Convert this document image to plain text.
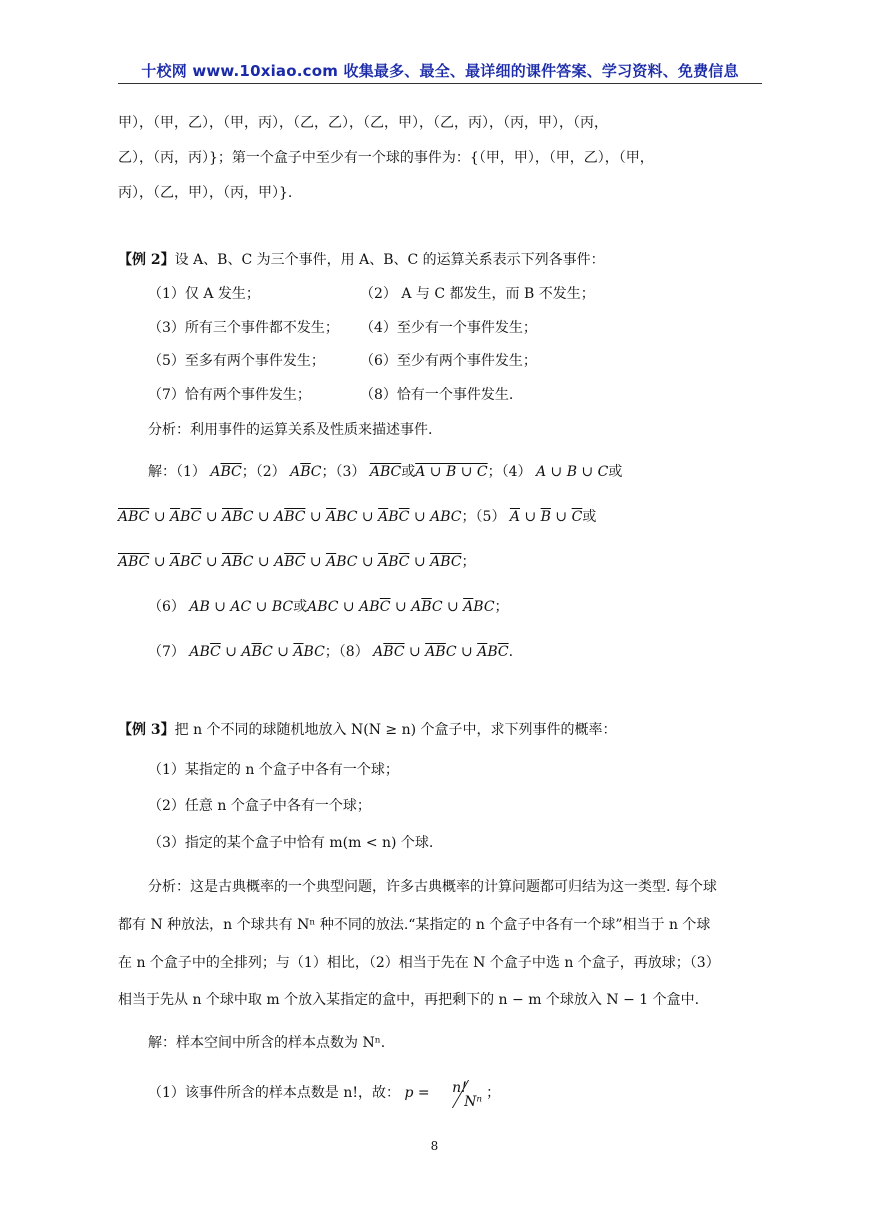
十校网 www.10xiao.com 收集最多、最全、最详细的课件答案、学习资料、免费信息
甲），（甲，乙），（甲，丙），（乙，乙），（乙，甲），（乙，丙），（丙，甲），（丙，
乙），（丙，丙）}；第一个盒子中至少有一个球的事件为：{（甲，甲），（甲，乙），（甲，
丙），（乙，甲），（丙，甲）}.
【例 2】设 A、B、C 为三个事件，用 A、B、C 的运算关系表示下列各事件：
（1）仅 A 发生；	（2） A 与 C 都发生，而 B 不发生；
（3）所有三个事件都不发生； （4）至少有一个事件发生；
（5）至多有两个事件发生；	（6）至少有两个事件发生；
（7）恰有两个事件发生；	（8）恰有一个事件发生.
分析：利用事件的运算关系及性质来描述事件.
解：（1） $A\overline{BC}$；（2） $A\overline{B}C$；（3） $\overline{ABC}$或A ∪ B ∪ C；（4） A ∪ B ∪ C或
$\overline{ABC}$ ∪ $\overline{A}B\overline{C}$ ∪ $\overline{AB}C$ ∪ $A\overline{BC}$ ∪ $\overline{A}BC$ ∪ $\overline{A}B\overline{C}$ ∪ ABC；（5） $\overline{A}$ ∪ $\overline{B}$ ∪ $\overline{C}$或
$\overline{ABC}$ ∪ $\overline{A}B\overline{C}$ ∪ $\overline{AB}C$ ∪ $A\overline{BC}$ ∪ $\overline{A}BC$ ∪ $\overline{A}B\overline{C}$ ∪ $\overline{ABC}$；
（6） AB ∪ AC ∪ BC或ABC ∪ $AB\overline{C}$ ∪ $A\overline{B}C$ ∪ $\overline{A}BC$；
（7） $AB\overline{C}$ ∪ $A\overline{B}C$ ∪ $\overline{A}BC$；（8） $A\overline{BC}$ ∪ $\overline{AB}C$ ∪ $\overline{A}B\overline{C}$.
【例 3】把 n 个不同的球随机地放入 N(N ≥ n) 个盒子中，求下列事件的概率：
（1）某指定的 n 个盒子中各有一个球；
（2）任意 n 个盒子中各有一个球；
（3）指定的某个盒子中恰有 m(m < n) 个球.
分析：这是古典概率的一个典型问题，许多古典概率的计算问题都可归结为这一类型. 每个球
都有 N 种放法，n 个球共有 Nⁿ 种不同的放法.“某指定的 n 个盒子中各有一个球”相当于 n 个球
在 n 个盒子中的全排列；与（1）相比，（2）相当于先在 N 个盒子中选 n 个盒子，再放球；（3）
相当于先从 n 个球中取 m 个放入某指定的盒中，再把剩下的 n − m 个球放入 N − 1 个盒中.
解：样本空间中所含的样本点数为 Nⁿ.
（1）该事件所含的样本点数是 n!，故： p = n!
Nⁿ
；
8
